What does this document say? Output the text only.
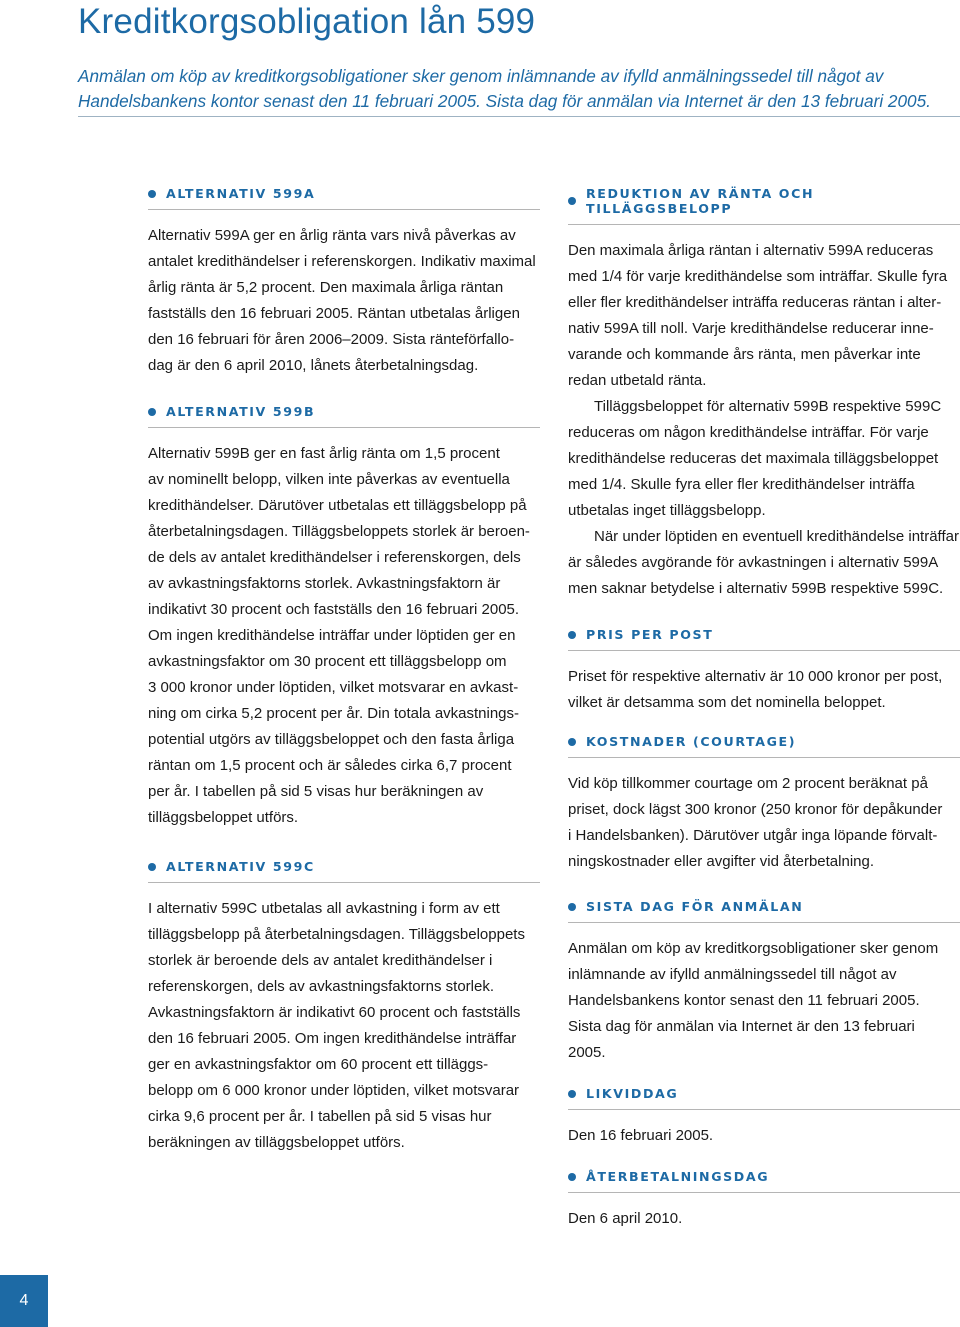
Kreditkorgsobligation lån 599
Anmälan om köp av kreditkorgsobligationer sker genom inlämnande av ifylld anmälningssedel till något av
Handelsbankens kontor senast den 11 februari 2005. Sista dag för anmälan via Internet är den 13 februari 2005.
ALTERNATIV 599A

Alternativ 599A ger en årlig ränta vars nivå påverkas av
antalet kredithändelser i referenskorgen. Indikativ maximal
årlig ränta är 5,2 procent. Den maximala årliga räntan
fastställs den 16 februari 2005. Räntan utbetalas årligen
den 16 februari för åren 2006–2009. Sista ränteförfallo-
dag är den 6 april 2010, lånets återbetalningsdag.

ALTERNATIV 599B

Alternativ 599B ger en fast årlig ränta om 1,5 procent
av nominellt belopp, vilken inte påverkas av eventuella
kredithändelser. Därutöver utbetalas ett tilläggsbelopp på
återbetalningsdagen. Tilläggsbeloppets storlek är beroen-
de dels av antalet kredithändelser i referenskorgen, dels
av avkastningsfaktorns storlek. Avkastningsfaktorn är
indikativt 30 procent och fastställs den 16 februari 2005.
Om ingen kredithändelse inträffar under löptiden ger en
avkastningsfaktor om 30 procent ett tilläggsbelopp om
3 000 kronor under löptiden, vilket motsvarar en avkast-
ning om cirka 5,2 procent per år. Din totala avkastnings-
potential utgörs av tilläggsbeloppet och den fasta årliga
räntan om 1,5 procent och är således cirka 6,7 procent
per år. I tabellen på sid 5 visas hur beräkningen av
tilläggsbeloppet utförs.

ALTERNATIV 599C

I alternativ 599C utbetalas all avkastning i form av ett
tilläggsbelopp på återbetalningsdagen. Tilläggsbeloppets
storlek är beroende dels av antalet kredithändelser i
referenskorgen, dels av avkastningsfaktorns storlek.
Avkastningsfaktorn är indikativt 60 procent och fastställs
den 16 februari 2005. Om ingen kredithändelse inträffar
ger en avkastningsfaktor om 60 procent ett tilläggs-
belopp om 6 000 kronor under löptiden, vilket motsvarar
cirka 9,6 procent per år. I tabellen på sid 5 visas hur
beräkningen av tilläggsbeloppet utförs.

REDUKTION AV RÄNTA OCH TILLÄGGSBELOPP

Den maximala årliga räntan i alternativ 599A reduceras
med 1/4 för varje kredithändelse som inträffar. Skulle fyra
eller fler kredithändelser inträffa reduceras räntan i alter-
nativ 599A till noll. Varje kredithändelse reducerar inne-
varande och kommande års ränta, men påverkar inte
redan utbetald ränta.

Tilläggsbeloppet för alternativ 599B respektive 599C
reduceras om någon kredithändelse inträffar. För varje
kredithändelse reduceras det maximala tilläggsbeloppet
med 1/4. Skulle fyra eller fler kredithändelser inträffa
utbetalas inget tilläggsbelopp.

När under löptiden en eventuell kredithändelse inträffar
är således avgörande för avkastningen i alternativ 599A
men saknar betydelse i alternativ 599B respektive 599C.

PRIS PER POST

Priset för respektive alternativ är 10 000 kronor per post,
vilket är detsamma som det nominella beloppet.

KOSTNADER (COURTAGE)

Vid köp tillkommer courtage om 2 procent beräknat på
priset, dock lägst 300 kronor (250 kronor för depåkunder
i Handelsbanken). Därutöver utgår inga löpande förvalt-
ningskostnader eller avgifter vid återbetalning.

SISTA DAG FÖR ANMÄLAN

Anmälan om köp av kreditkorgsobligationer sker genom
inlämnande av ifylld anmälningssedel till något av
Handelsbankens kontor senast den 11 februari 2005.
Sista dag för anmälan via Internet är den 13 februari
2005.

LIKVIDDAG

Den 16 februari 2005.

ÅTERBETALNINGSDAG

Den 6 april 2010.

4
